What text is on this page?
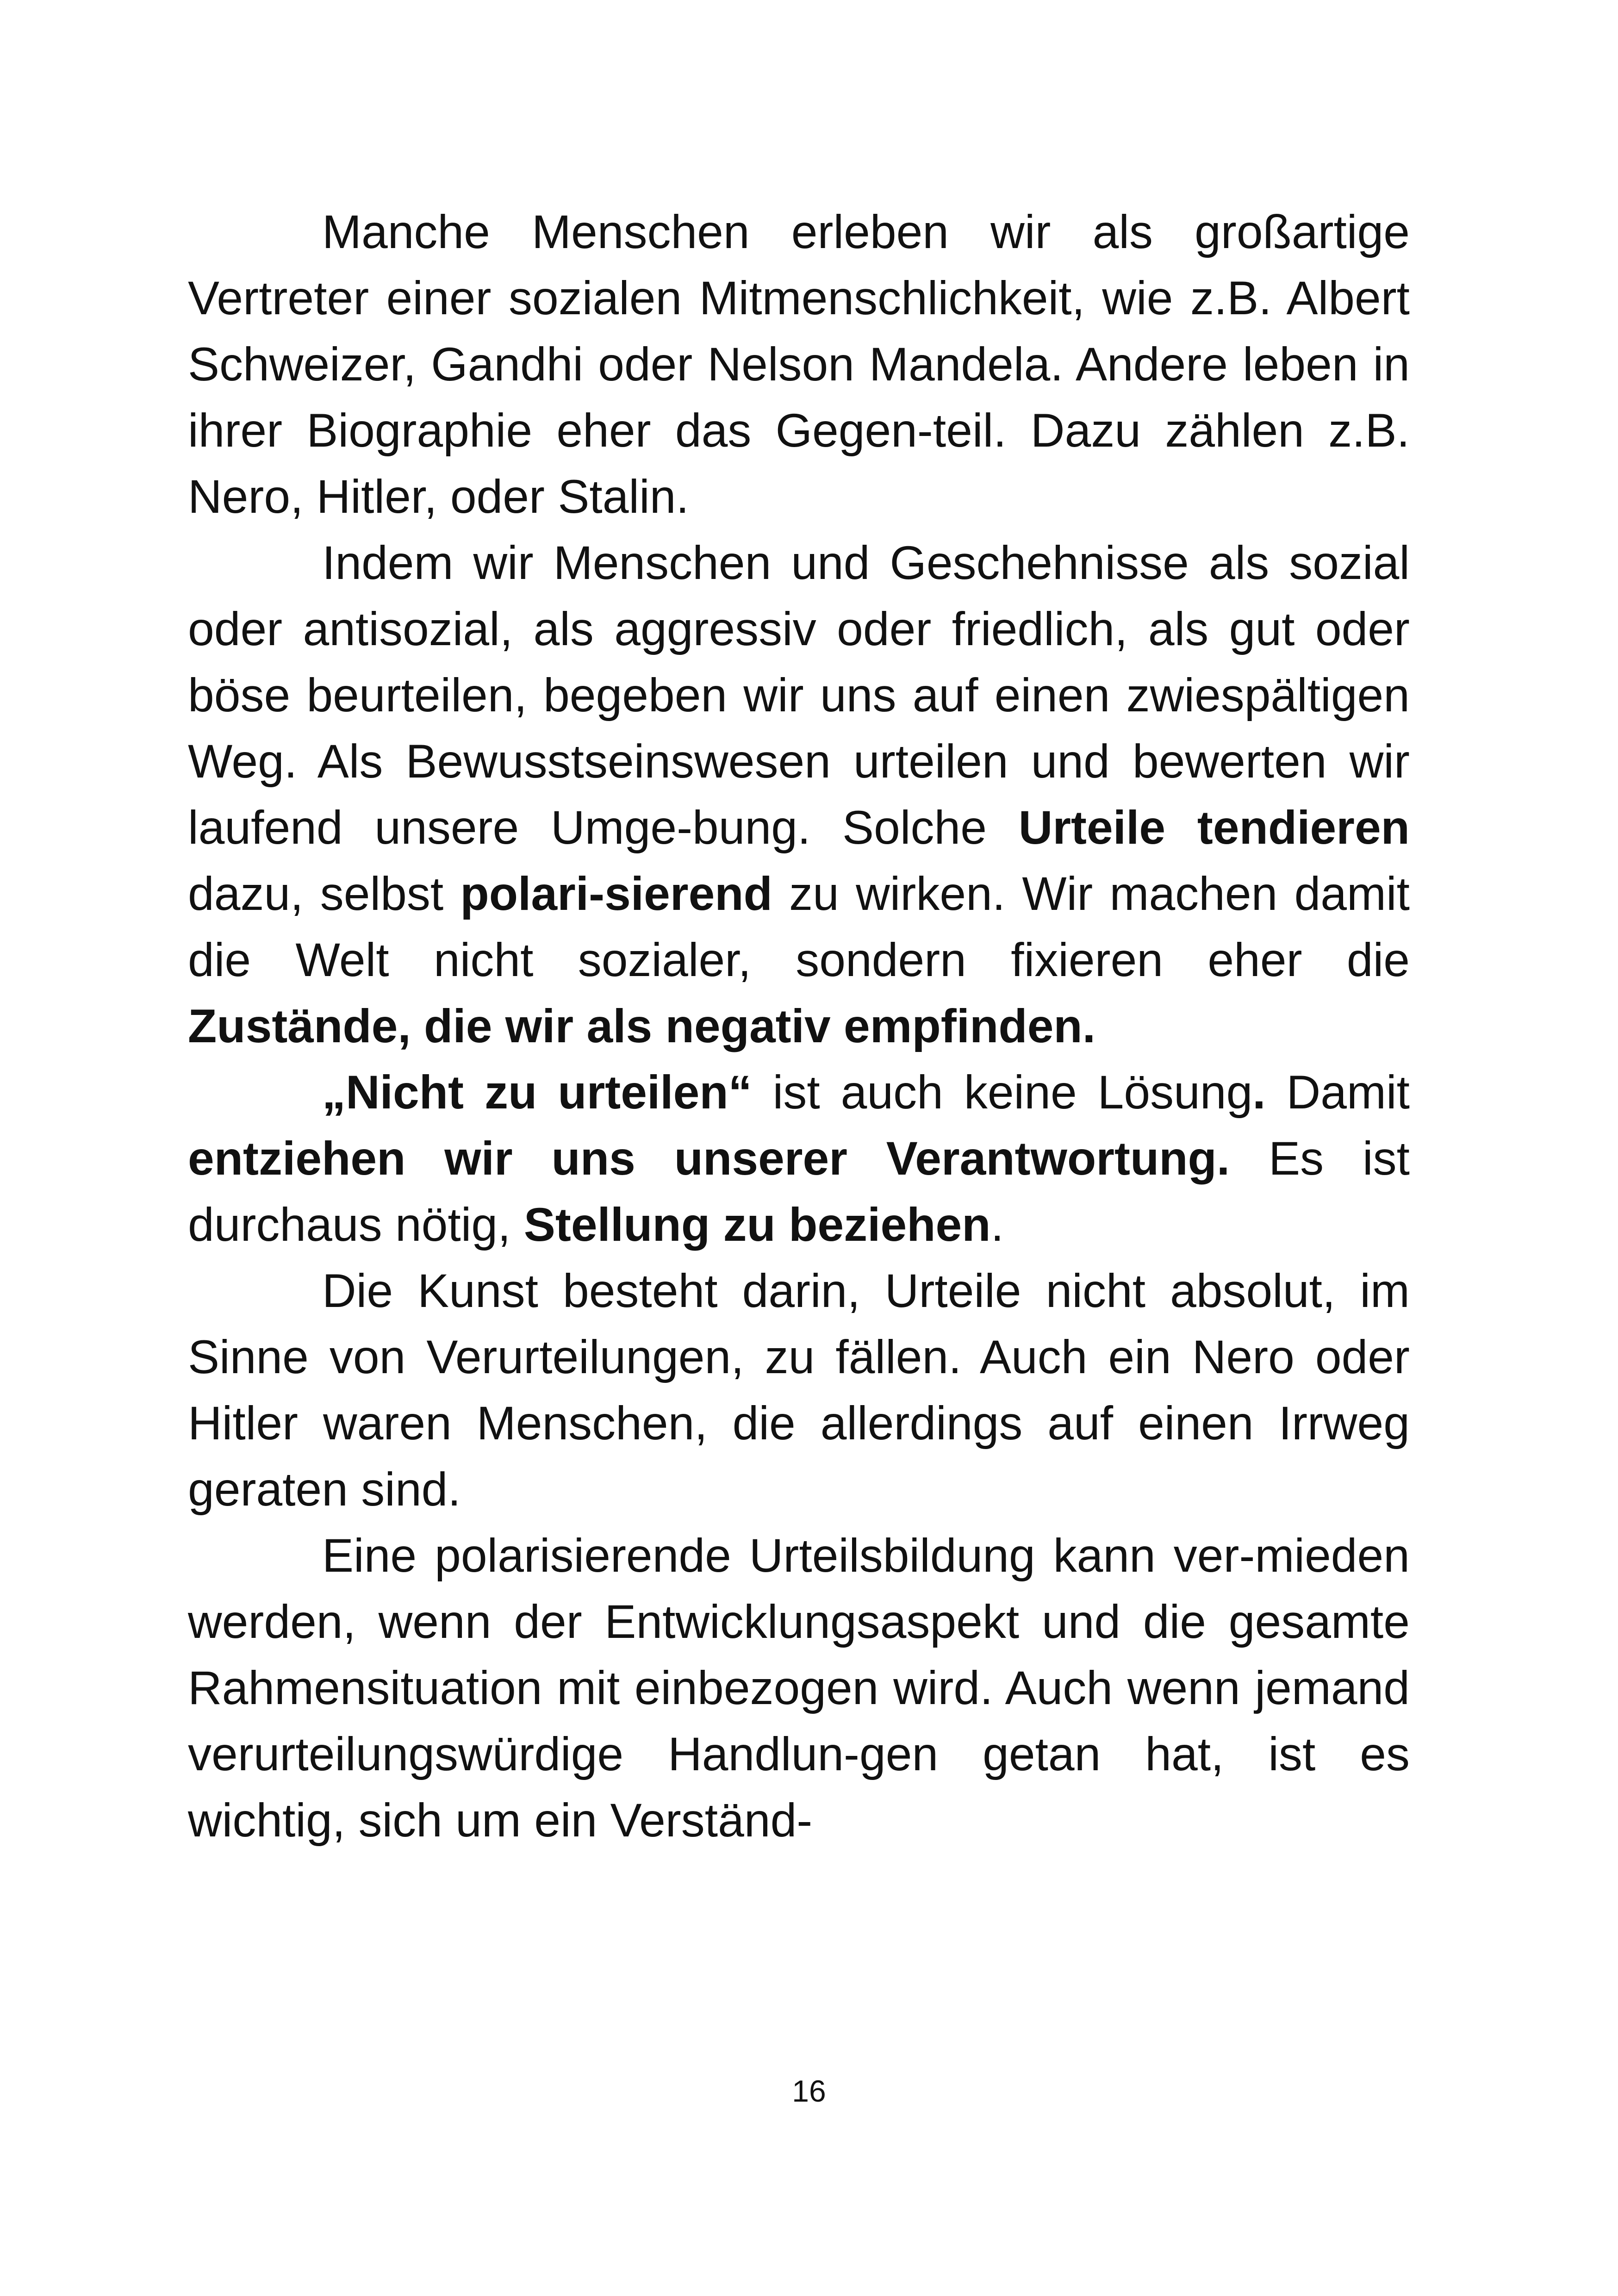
Manche Menschen erleben wir als großartige Vertreter einer sozialen Mitmenschlichkeit, wie z.B. Albert Schweizer, Gandhi oder Nelson Mandela. Andere leben in ihrer Biographie eher das Gegen-teil. Dazu zählen z.B. Nero, Hitler, oder Stalin.

Indem wir Menschen und Geschehnisse als sozial oder antisozial, als aggressiv oder friedlich, als gut oder böse beurteilen, begeben wir uns auf einen zwiespältigen Weg. Als Bewusstseinswesen urteilen und bewerten wir laufend unsere Umge-bung. Solche Urteile tendieren dazu, selbst polari-sierend zu wirken. Wir machen damit die Welt nicht sozialer, sondern fixieren eher die Zustände, die wir als negativ empfinden.

„Nicht zu urteilen“ ist auch keine Lösung. Damit entziehen wir uns unserer Verantwortung. Es ist durchaus nötig, Stellung zu beziehen.

Die Kunst besteht darin, Urteile nicht absolut, im Sinne von Verurteilungen, zu fällen. Auch ein Nero oder Hitler waren Menschen, die allerdings auf einen Irrweg geraten sind.

Eine polarisierende Urteilsbildung kann ver-mieden werden, wenn der Entwicklungsaspekt und die gesamte Rahmensituation mit einbezogen wird. Auch wenn jemand verurteilungswürdige Handlun-gen getan hat, ist es wichtig, sich um ein Verständ-

16
